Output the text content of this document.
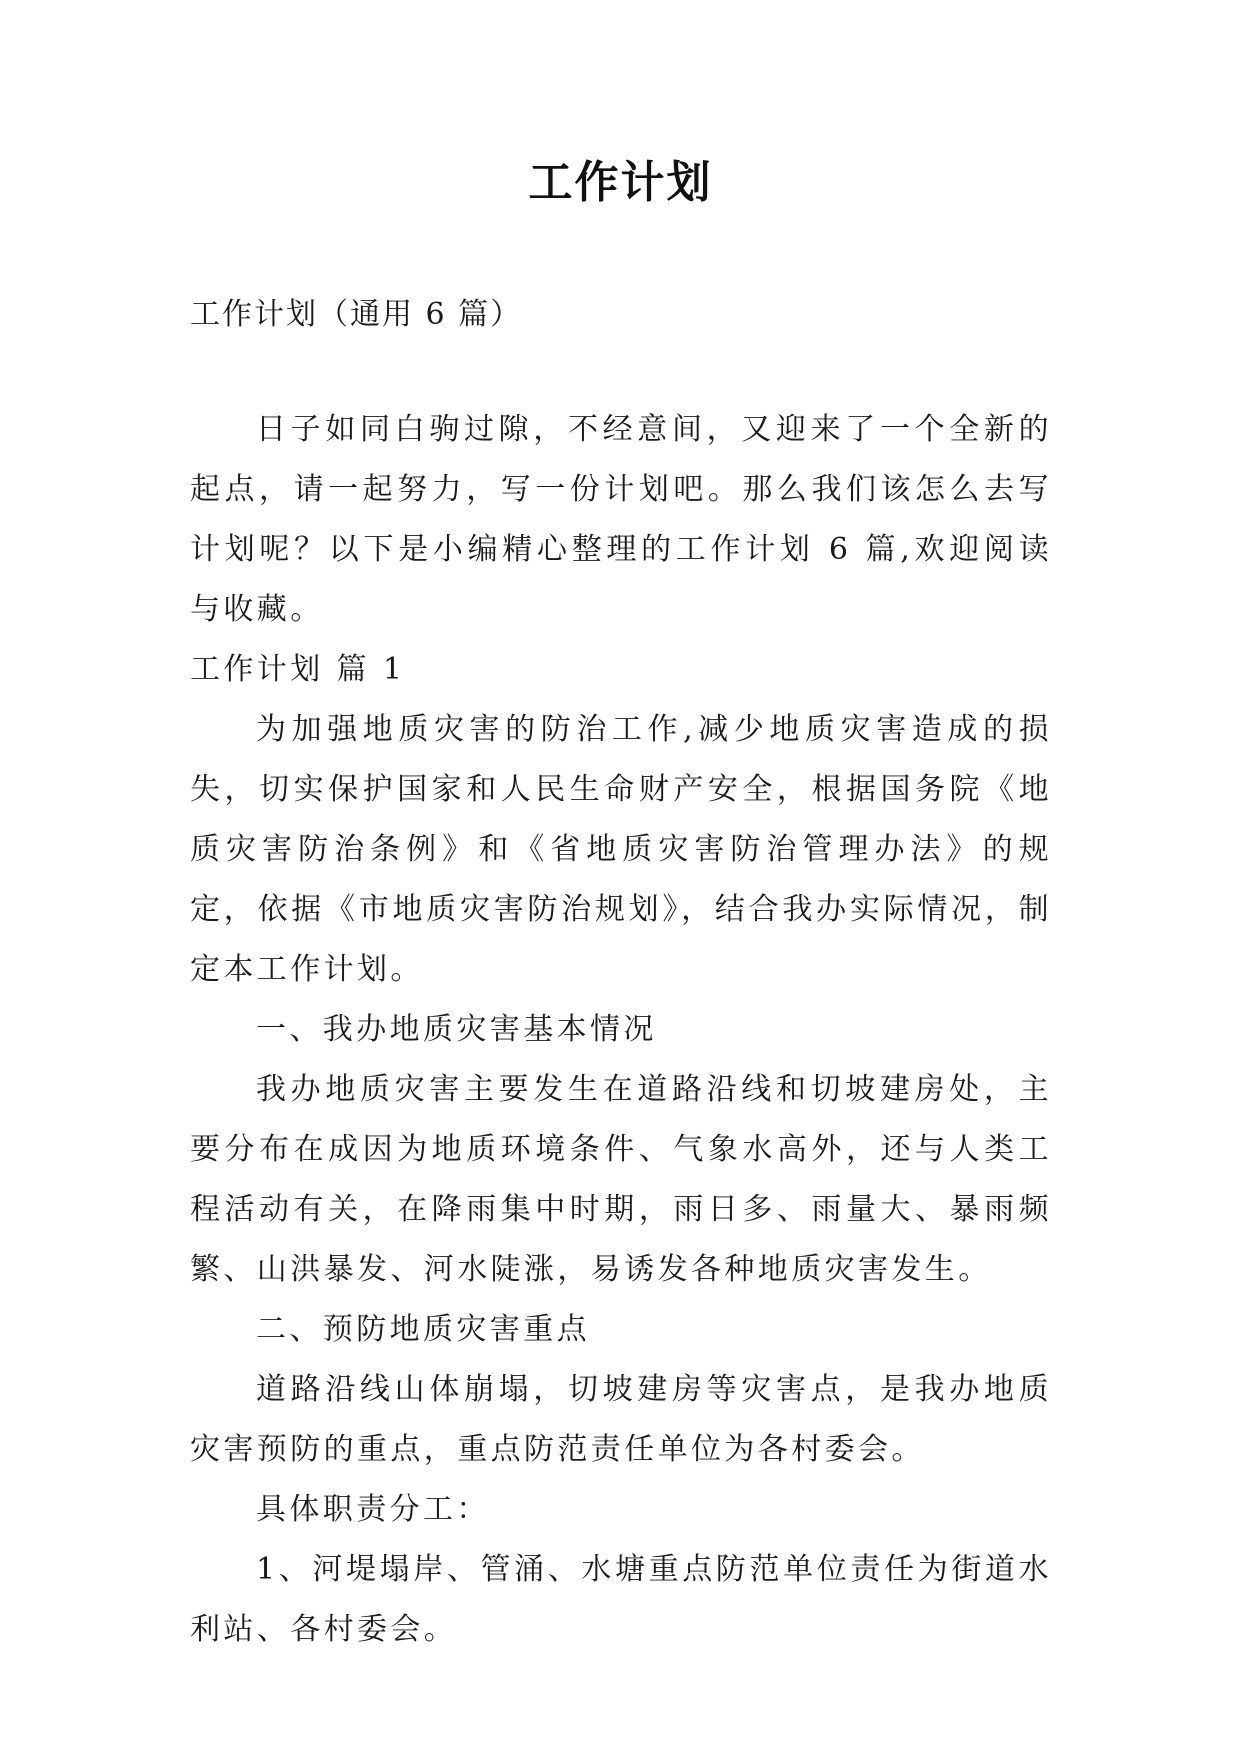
工作计划

工作计划（通用 6 篇）

日子如同白驹过隙，不经意间，又迎来了一个全新的起点，请一起努力，写一份计划吧。那么我们该怎么去写计划呢？以下是小编精心整理的工作计划 6 篇,欢迎阅读与收藏。

工作计划 篇 1

为加强地质灾害的防治工作,减少地质灾害造成的损失，切实保护国家和人民生命财产安全，根据国务院《地质灾害防治条例》和《省地质灾害防治管理办法》的规定，依据《市地质灾害防治规划》，结合我办实际情况，制定本工作计划。

一、我办地质灾害基本情况

我办地质灾害主要发生在道路沿线和切坡建房处，主要分布在成因为地质环境条件、气象水高外，还与人类工程活动有关，在降雨集中时期，雨日多、雨量大、暴雨频繁、山洪暴发、河水陡涨，易诱发各种地质灾害发生。

二、预防地质灾害重点

道路沿线山体崩塌，切坡建房等灾害点，是我办地质灾害预防的重点，重点防范责任单位为各村委会。

具体职责分工：

1、河堤塌岸、管涌、水塘重点防范单位责任为街道水利站、各村委会。
